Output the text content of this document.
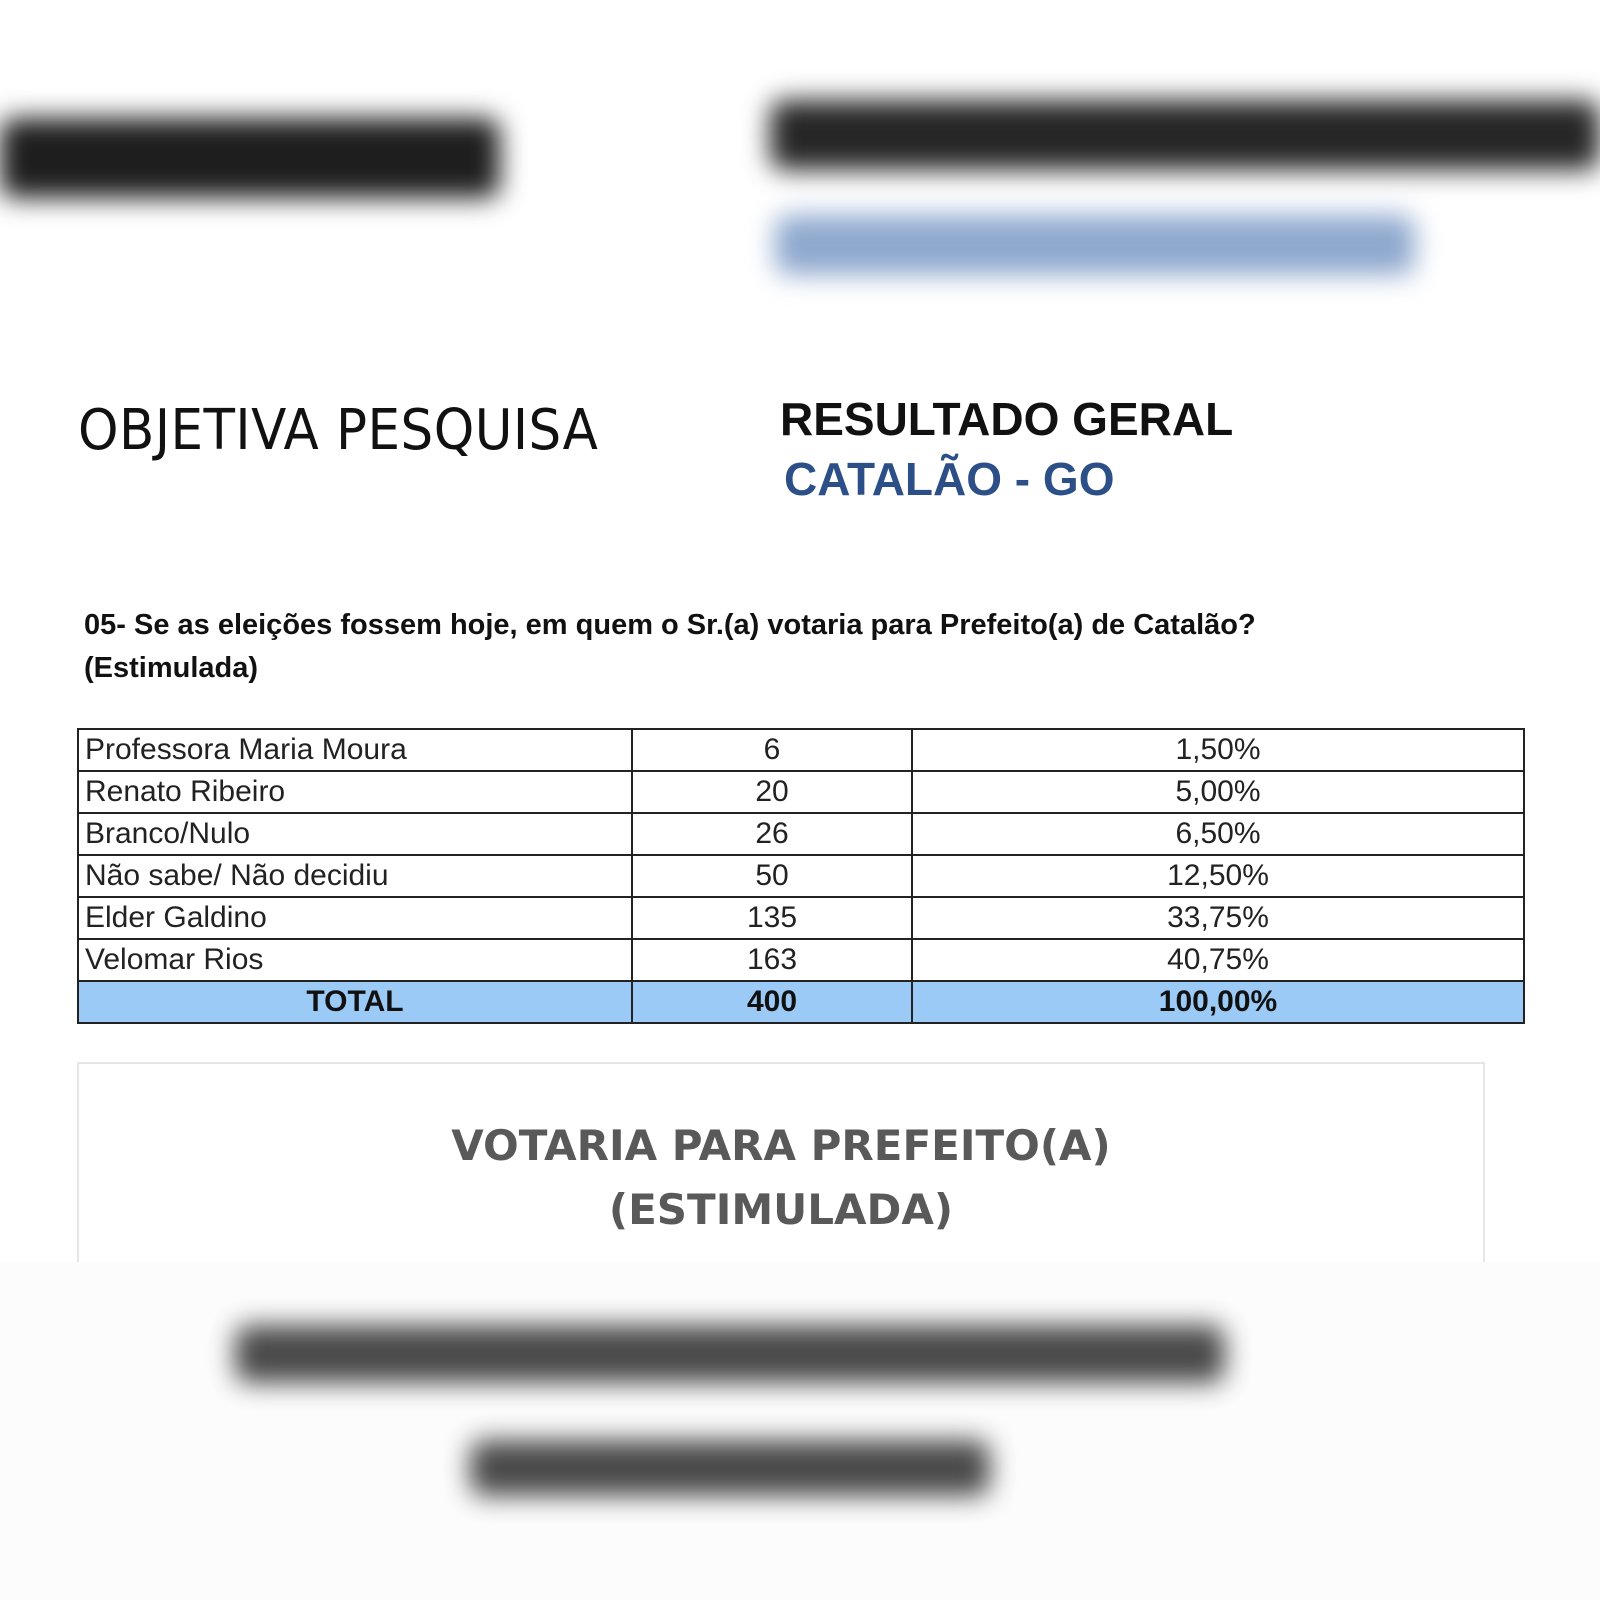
OBJETIVA PESQUISA	RESULTADO GERAL
CATALÃO - GO
05- Se as eleições fossem hoje, em quem o Sr.(a) votaria para Prefeito(a) de Catalão?
(Estimulada)
Professora Maria Moura	6	1,50%
Renato Ribeiro	20	5,00%
Branco/Nulo	26	6,50%
Não sabe/ Não decidiu	50	12,50%
Elder Galdino	135	33,75%
Velomar Rios	163	40,75%
TOTAL	400	100,00%
VOTARIA PARA PREFEITO(A)
(ESTIMULADA)
